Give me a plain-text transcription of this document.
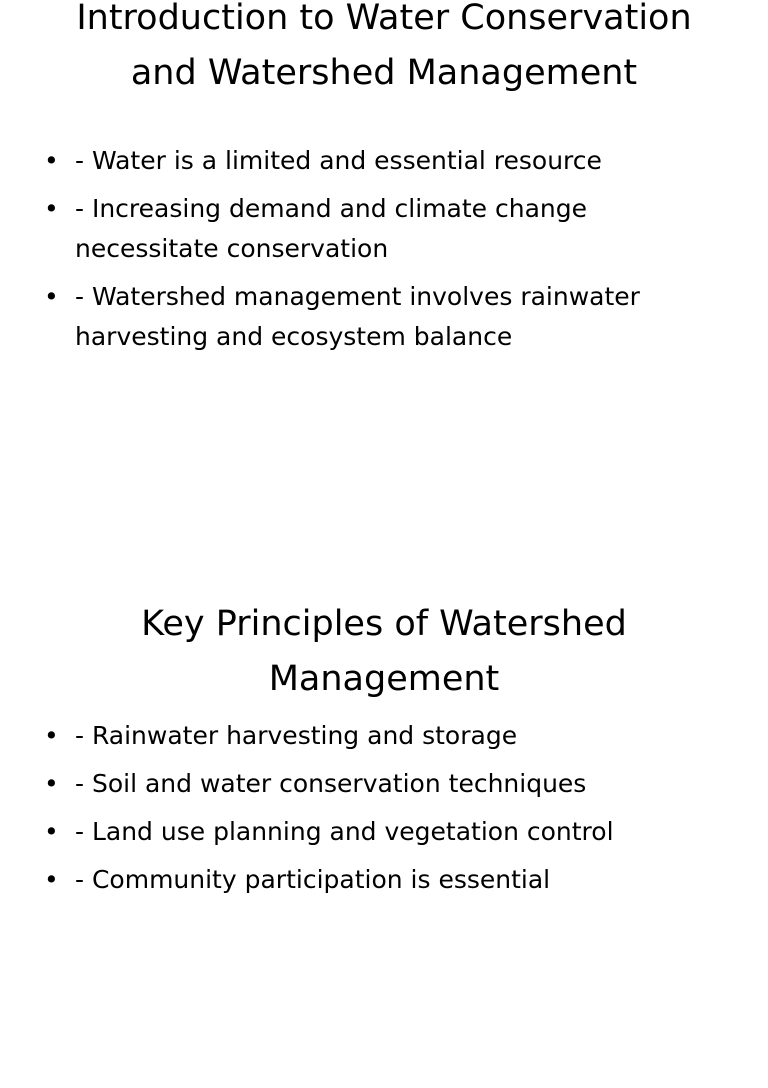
Introduction to Water Conservation and Watershed Management
• - Water is a limited and essential resource
• - Increasing demand and climate change necessitate conservation
• - Watershed management involves rainwater harvesting and ecosystem balance
Key Principles of Watershed Management
• - Rainwater harvesting and storage
• - Soil and water conservation techniques
• - Land use planning and vegetation control
• - Community participation is essential
